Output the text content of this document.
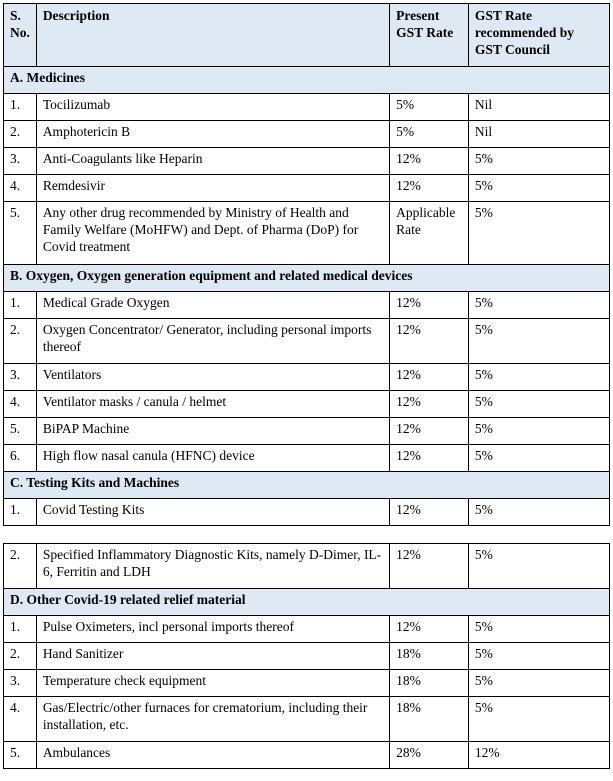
S. No.	Description	Present GST Rate	GST Rate recommended by GST Council
A. Medicines			
1.	Tocilizumab	5%	Nil
2.	Amphotericin B	5%	Nil
3.	Anti-Coagulants like Heparin	12%	5%
4.	Remdesivir	12%	5%
5.	Any other drug recommended by Ministry of Health and Family Welfare (MoHFW) and Dept. of Pharma (DoP) for Covid treatment	Applicable Rate	5%
B. Oxygen, Oxygen generation equipment and related medical devices			
1.	Medical Grade Oxygen	12%	5%
2.	Oxygen Concentrator/ Generator, including personal imports thereof	12%	5%
3.	Ventilators	12%	5%
4.	Ventilator masks / canula / helmet	12%	5%
5.	BiPAP Machine	12%	5%
6.	High flow nasal canula (HFNC) device	12%	5%
C. Testing Kits and Machines			
1.	Covid Testing Kits	12%	5%
2.	Specified Inflammatory Diagnostic Kits, namely D-Dimer, IL-6, Ferritin and LDH	12%	5%
D. Other Covid-19 related relief material			
1.	Pulse Oximeters, incl personal imports thereof	12%	5%
2.	Hand Sanitizer	18%	5%
3.	Temperature check equipment	18%	5%
4.	Gas/Electric/other furnaces for crematorium, including their installation, etc.	18%	5%
5.	Ambulances	28%	12%
